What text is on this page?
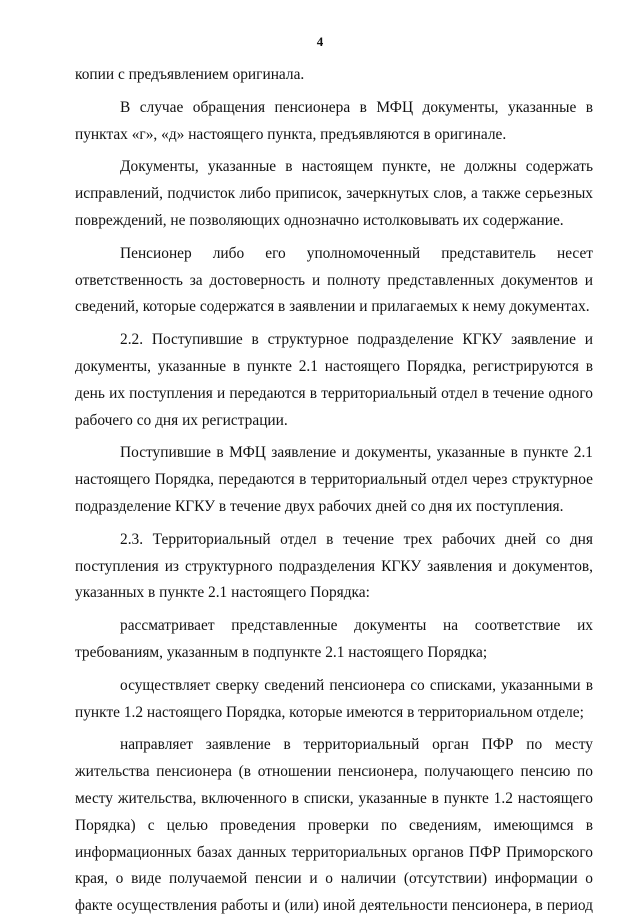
4

копии с предъявлением оригинала.

В случае обращения пенсионера в МФЦ документы, указанные в пунктах «г», «д» настоящего пункта, предъявляются в оригинале.

Документы, указанные в настоящем пункте, не должны содержать исправлений, подчисток либо приписок, зачеркнутых слов, а также серьезных повреждений, не позволяющих однозначно истолковывать их содержание.

Пенсионер либо его уполномоченный представитель несет ответственность за достоверность и полноту представленных документов и сведений, которые содержатся в заявлении и прилагаемых к нему документах.

2.2. Поступившие в структурное подразделение КГКУ заявление и документы, указанные в пункте 2.1 настоящего Порядка, регистрируются в день их поступления и передаются в территориальный отдел в течение одного рабочего со дня их регистрации.

Поступившие в МФЦ заявление и документы, указанные в пункте 2.1 настоящего Порядка, передаются в территориальный отдел через структурное подразделение КГКУ в течение двух рабочих дней со дня их поступления.

2.3. Территориальный отдел в течение трех рабочих дней со дня поступления из структурного подразделения КГКУ заявления и документов, указанных в пункте 2.1 настоящего Порядка:

рассматривает представленные документы на соответствие их требованиям, указанным в подпункте 2.1 настоящего Порядка;

осуществляет сверку сведений пенсионера со списками, указанными в пункте 1.2 настоящего Порядка, которые имеются в территориальном отделе;

направляет заявление в территориальный орган ПФР по месту жительства пенсионера (в отношении пенсионера, получающего пенсию по месту жительства, включенного в списки, указанные в пункте 1.2 настоящего Порядка) с целью проведения проверки по сведениям, имеющимся в информационных базах данных территориальных органов ПФР Приморского края, о виде получаемой пенсии и о наличии (отсутствии) информации о факте осуществления работы и (или) иной деятельности пенсионера, в период
